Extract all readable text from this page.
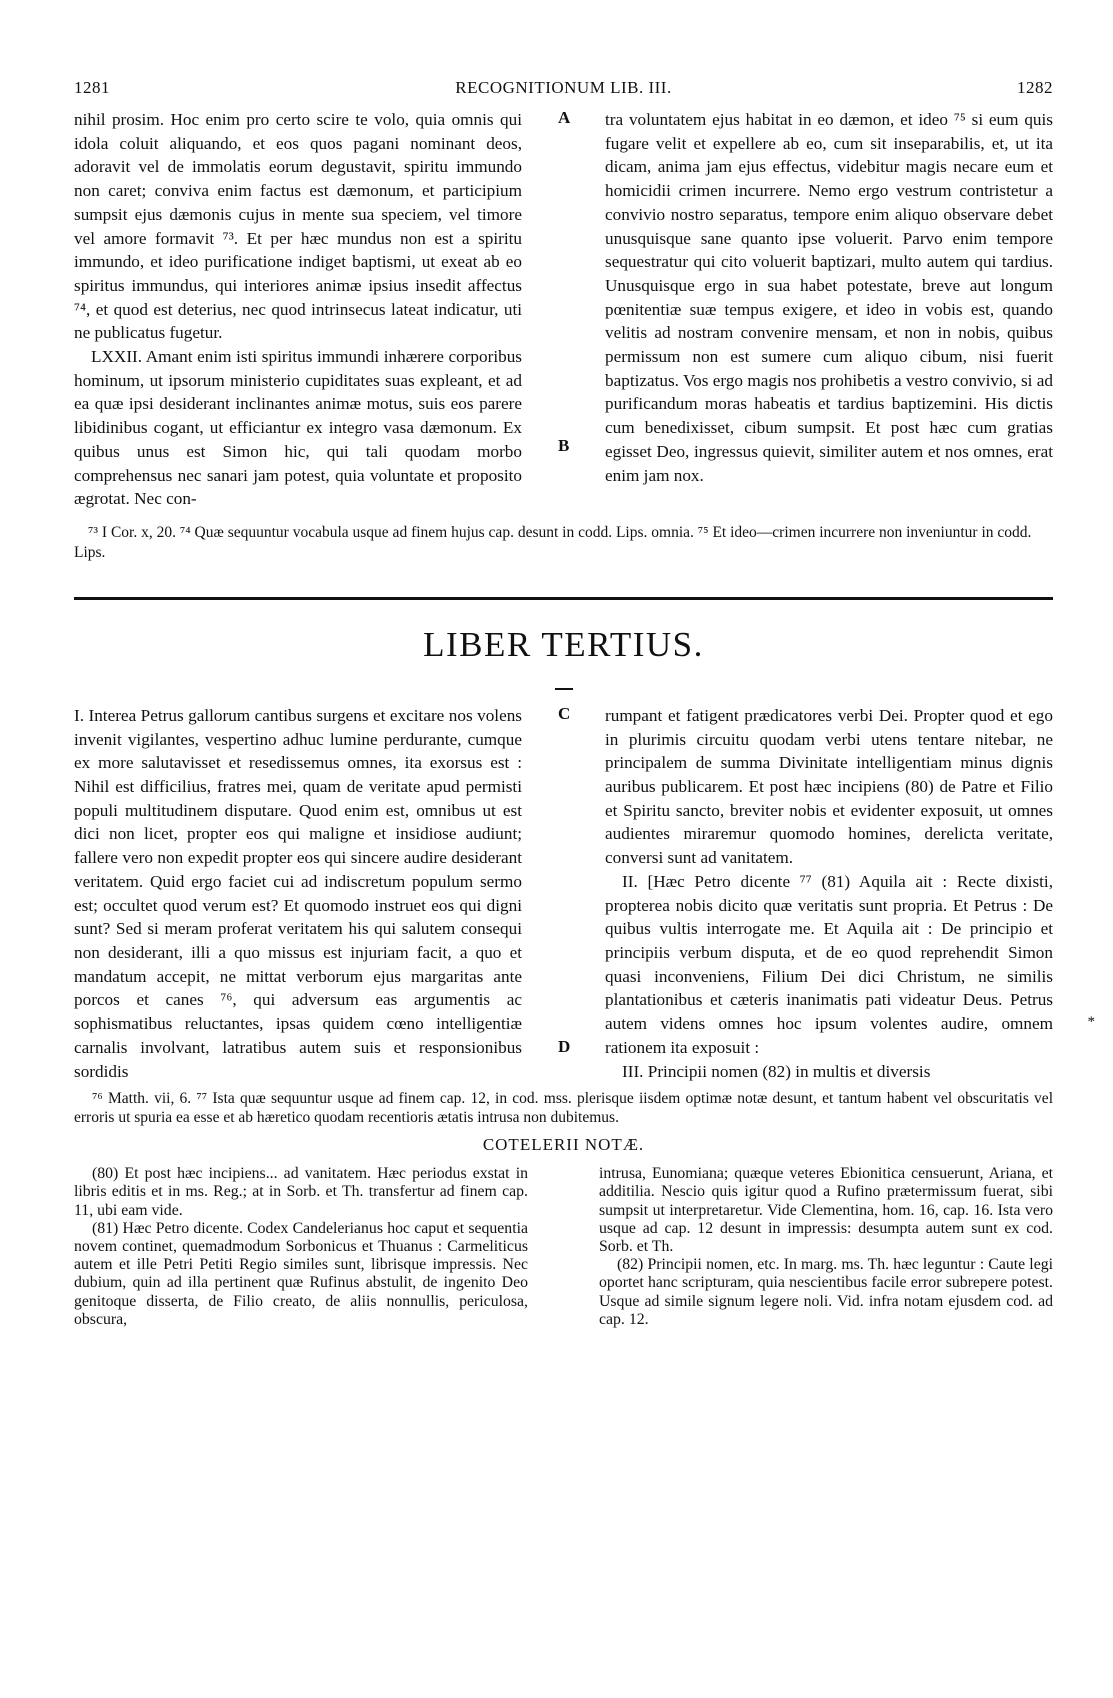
1281	RECOGNITIONUM LIB. III.	1282

nihil prosim. Hoc enim pro certo scire te volo, quia omnis qui idola coluit aliquando, et eos quos pagani nominant deos, adoravit vel de immolatis eorum degustavit, spiritu immundo non caret; conviva enim factus est dæmonum, et participium sumpsit ejus dæmonis cujus in mente sua speciem, vel timore vel amore formavit ⁷³. Et per hæc mundus non est a spiritu immundo, et ideo purificatione indiget baptismi, ut exeat ab eo spiritus immundus, qui interiores animæ ipsius insedit affectus ⁷⁴, et quod est deterius, nec quod intrinsecus lateat indicatur, uti ne publicatus fugetur.

LXXII. Amant enim isti spiritus immundi inhærere corporibus hominum, ut ipsorum ministerio cupiditates suas expleant, et ad ea quæ ipsi desiderant inclinantes animæ motus, suis eos parere libidinibus cogant, ut efficiantur ex integro vasa dæmonum. Ex quibus unus est Simon hic, qui tali quodam morbo comprehensus nec sanari jam potest, quia voluntate et proposito ægrotat. Nec con-

A
B

tra voluntatem ejus habitat in eo dæmon, et ideo ⁷⁵ si eum quis fugare velit et expellere ab eo, cum sit inseparabilis, et, ut ita dicam, anima jam ejus effectus, videbitur magis necare eum et homicidii crimen incurrere. Nemo ergo vestrum contristetur a convivio nostro separatus, tempore enim aliquo observare debet unusquisque sane quanto ipse voluerit. Parvo enim tempore sequestratur qui cito voluerit baptizari, multo autem qui tardius. Unusquisque ergo in sua habet potestate, breve aut longum pœnitentiæ suæ tempus exigere, et ideo in vobis est, quando velitis ad nostram convenire mensam, et non in nobis, quibus permissum non est sumere cum aliquo cibum, nisi fuerit baptizatus. Vos ergo magis nos prohibetis a vestro convivio, si ad purificandum moras habeatis et tardius baptizemini. His dictis cum benedixisset, cibum sumpsit. Et post hæc cum gratias egisset Deo, ingressus quievit, similiter autem et nos omnes, erat enim jam nox.

⁷³ I Cor. x, 20. ⁷⁴ Quæ sequuntur vocabula usque ad finem hujus cap. desunt in codd. Lips. omnia. ⁷⁵ Et ideo—crimen incurrere non inveniuntur in codd. Lips.
LIBER TERTIUS.

I. Interea Petrus gallorum cantibus surgens et excitare nos volens invenit vigilantes, vespertino adhuc lumine perdurante, cumque ex more salutavisset et resedissemus omnes, ita exorsus est : Nihil est difficilius, fratres mei, quam de veritate apud permisti populi multitudinem disputare. Quod enim est, omnibus ut est dici non licet, propter eos qui maligne et insidiose audiunt; fallere vero non expedit propter eos qui sincere audire desiderant veritatem. Quid ergo faciet cui ad indiscretum populum sermo est; occultet quod verum est? Et quomodo instruet eos qui digni sunt? Sed si meram proferat veritatem his qui salutem consequi non desiderant, illi a quo missus est injuriam facit, a quo et mandatum accepit, ne mittat verborum ejus margaritas ante porcos et canes ⁷⁶, qui adversum eas argumentis ac sophismatibus reluctantes, ipsas quidem cœno intelligentiæ carnalis involvant, latratibus autem suis et responsionibus sordidis

C
D

rumpant et fatigent prædicatores verbi Dei. Propter quod et ego in plurimis circuitu quodam verbi utens tentare nitebar, ne principalem de summa Divinitate intelligentiam minus dignis auribus publicarem. Et post hæc incipiens (80) de Patre et Filio et Spiritu sancto, breviter nobis et evidenter exposuit, ut omnes audientes miraremur quomodo homines, derelicta veritate, conversi sunt ad vanitatem.

II. [Hæc Petro dicente ⁷⁷ (81) Aquila ait : Recte dixisti, propterea nobis dicito quæ veritatis sunt propria. Et Petrus : De quibus vultis interrogate me. Et Aquila ait : De principio et principiis verbum disputa, et de eo quod reprehendit Simon quasi inconveniens, Filium Dei dici Christum, ne similis plantationibus et cæteris inanimatis pati videatur Deus. Petrus autem videns omnes hoc ipsum volentes audire, omnem rationem ita exposuit :

III. Principii nomen (82) in multis et diversis

*
⁷⁶ Matth. vii, 6. ⁷⁷ Ista quæ sequuntur usque ad finem cap. 12, in cod. mss. plerisque iisdem optimæ notæ desunt, et tantum habent vel obscuritatis vel erroris ut spuria ea esse et ab hæretico quodam recentioris ætatis intrusa non dubitemus.
COTELERII NOTÆ.

(80) Et post hæc incipiens... ad vanitatem. Hæc periodus exstat in libris editis et in ms. Reg.; at in Sorb. et Th. transfertur ad finem cap. 11, ubi eam vide.

(81) Hæc Petro dicente. Codex Candelerianus hoc caput et sequentia novem continet, quemadmodum Sorbonicus et Thuanus : Carmeliticus autem et ille Petri Petiti Regio similes sunt, librisque impressis. Nec dubium, quin ad illa pertinent quæ Rufinus abstulit, de ingenito Deo genitoque disserta, de Filio creato, de aliis nonnullis, periculosa, obscura,

intrusa, Eunomiana; quæque veteres Ebionitica censuerunt, Ariana, et additilia. Nescio quis igitur quod a Rufino prætermissum fuerat, sibi sumpsit ut interpretaretur. Vide Clementina, hom. 16, cap. 16. Ista vero usque ad cap. 12 desunt in impressis: desumpta autem sunt ex cod. Sorb. et Th.

(82) Principii nomen, etc. In marg. ms. Th. hæc leguntur : Caute legi oportet hanc scripturam, quia nescientibus facile error subrepere potest. Usque ad simile signum legere noli. Vid. infra notam ejusdem cod. ad cap. 12.
